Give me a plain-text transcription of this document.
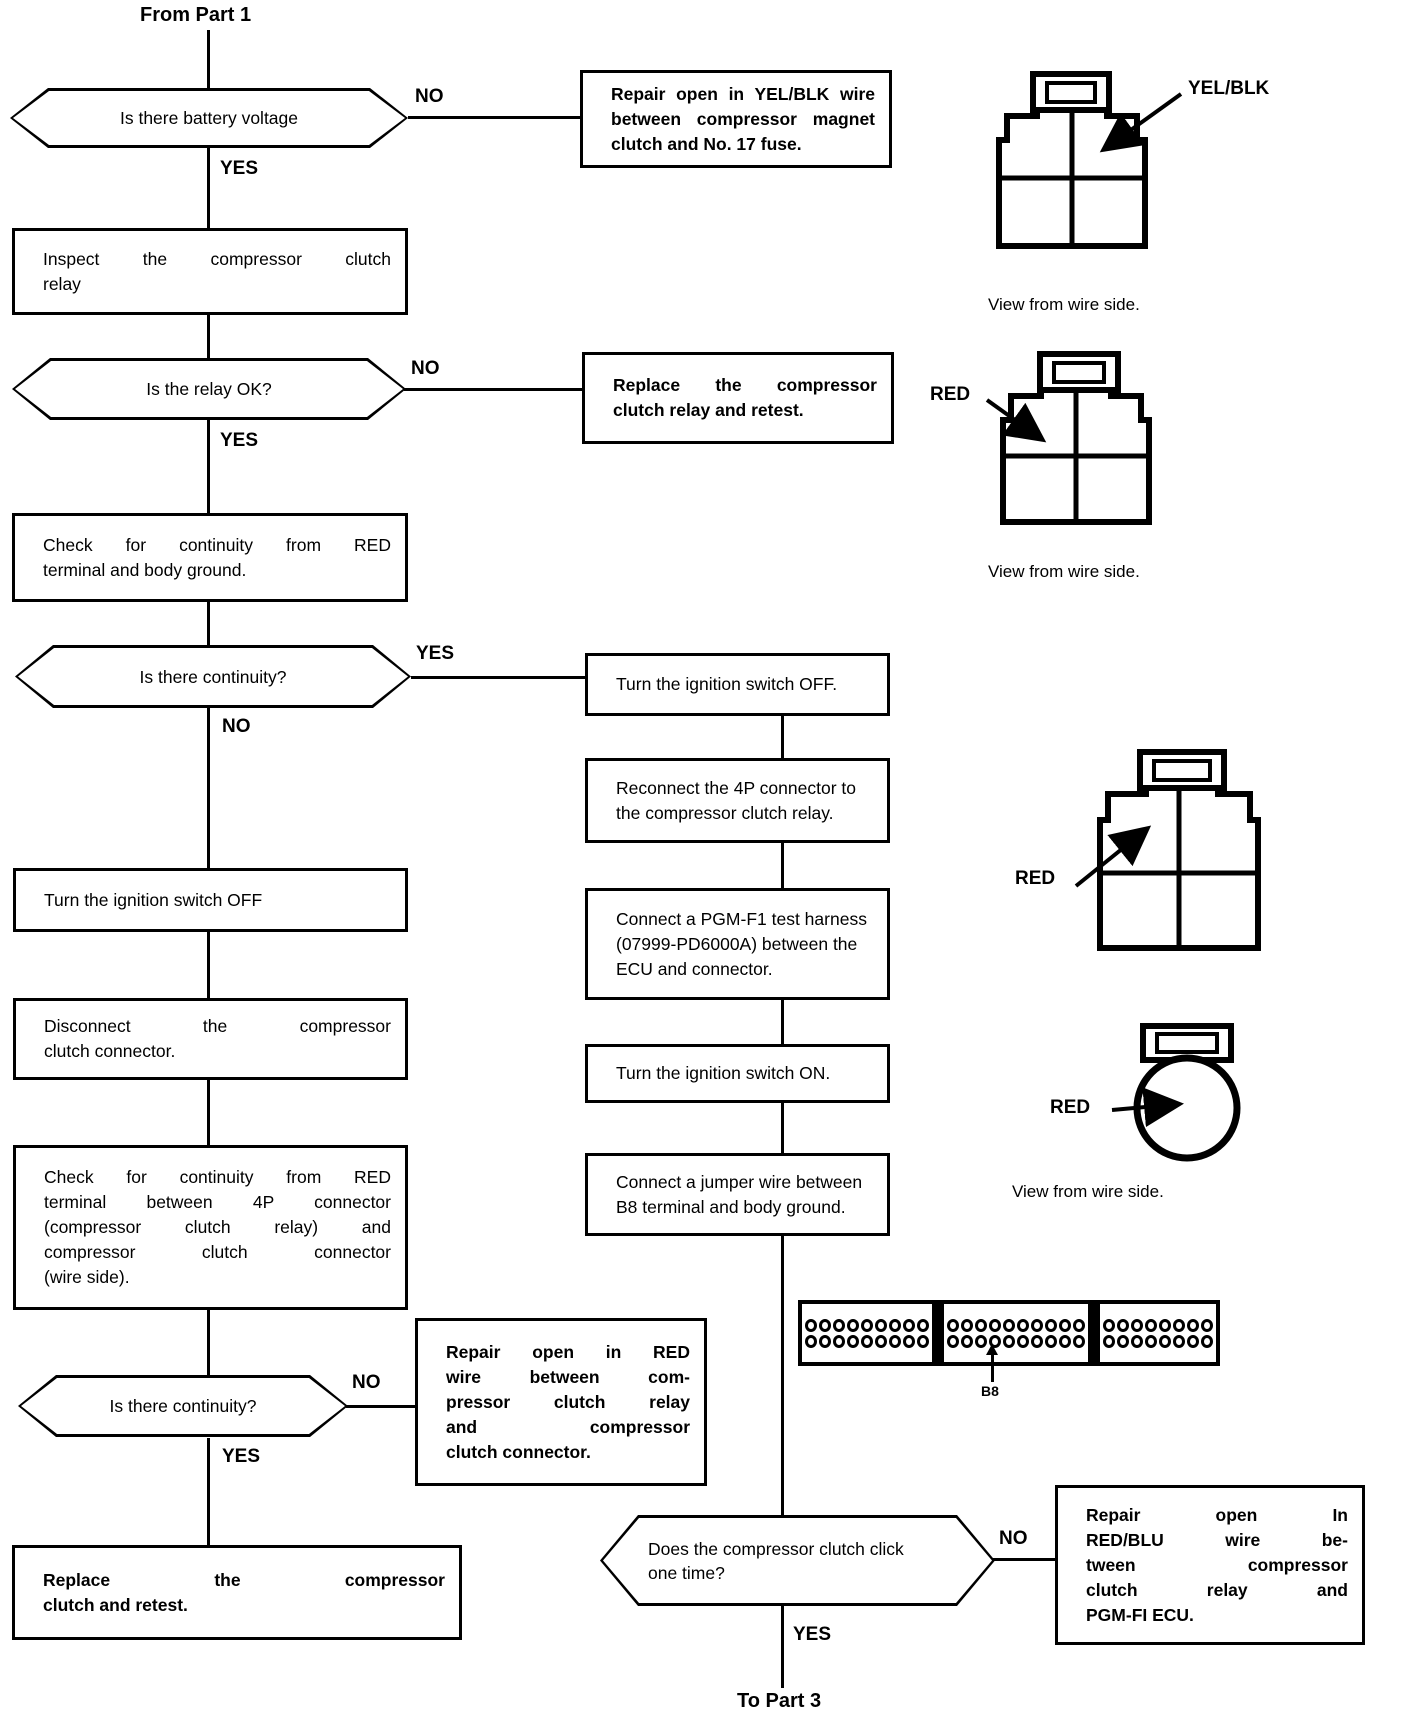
From Part 1
Is there battery voltage
NO
YES
Repair open in YEL/BLK wire
between compressor magnet
clutch and No. 17 fuse.
Inspect the compressor clutch
relay
Is the relay OK?
NO
YES
Replace the compressor
clutch relay and retest.
Check for continuity from RED
terminal and body ground.
Is there continuity?
YES
NO
Turn the ignition switch OFF.
Reconnect the 4P connector to
the compressor clutch relay.
Connect a PGM-F1 test harness
(07999-PD6000A) between the
ECU and connector.
Turn the ignition switch ON.
Connect a jumper wire between
B8 terminal and body ground.
Turn the ignition switch OFF
Disconnect the compressor
clutch connector.
Check for continuity from RED
terminal between 4P connector
(compressor clutch relay) and
compressor clutch connector
(wire side).
Is there continuity?
NO
YES
Repair open in RED
wire between com-
pressor clutch relay
and compressor
clutch connector.
Replace the compressor
clutch and retest.
Does the compressor clutch click
one time?
NO
YES
Repair open In
RED/BLU wire be-
tween compressor
clutch relay and
PGM-FI ECU.
To Part 3
YEL/BLK
View from wire side.
RED
View from wire side.
RED
RED
View from wire side.
B8
